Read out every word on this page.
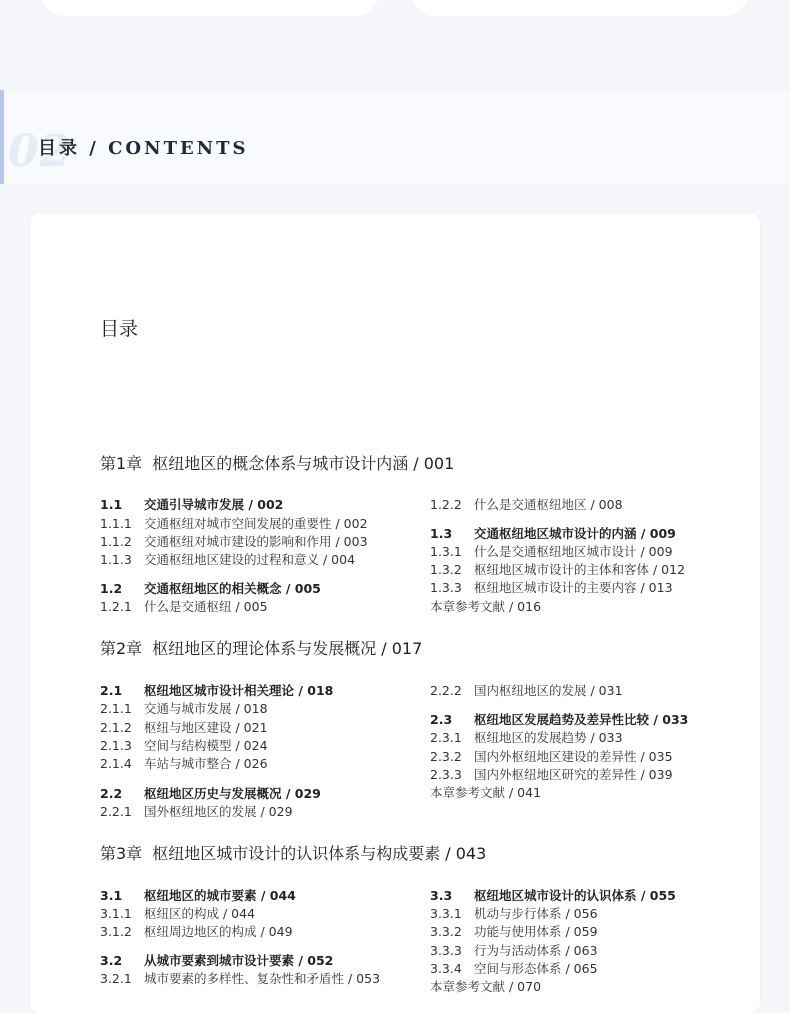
02
目录 / CONTENTS
目录
第1章 枢纽地区的概念体系与城市设计内涵 / 001
第2章 枢纽地区的理论体系与发展概况 / 017
第3章 枢纽地区城市设计的认识体系与构成要素 / 043
1.1 交通引导城市发展 / 002
1.1.1 交通枢纽对城市空间发展的重要性 / 002
1.1.2 交通枢纽对城市建设的影响和作用 / 003
1.1.3 交通枢纽地区建设的过程和意义 / 004
1.2 交通枢纽地区的相关概念 / 005
1.2.1 什么是交通枢纽 / 005
1.2.2 什么是交通枢纽地区 / 008
1.3 交通枢纽地区城市设计的内涵 / 009
1.3.1 什么是交通枢纽地区城市设计 / 009
1.3.2 枢纽地区城市设计的主体和客体 / 012
1.3.3 枢纽地区城市设计的主要内容 / 013
本章参考文献 / 016
2.1 枢纽地区城市设计相关理论 / 018
2.1.1 交通与城市发展 / 018
2.1.2 枢纽与地区建设 / 021
2.1.3 空间与结构模型 / 024
2.1.4 车站与城市整合 / 026
2.2 枢纽地区历史与发展概况 / 029
2.2.1 国外枢纽地区的发展 / 029
2.2.2 国内枢纽地区的发展 / 031
2.3 枢纽地区发展趋势及差异性比较 / 033
2.3.1 枢纽地区的发展趋势 / 033
2.3.2 国内外枢纽地区建设的差异性 / 035
2.3.3 国内外枢纽地区研究的差异性 / 039
本章参考文献 / 041
3.1 枢纽地区的城市要素 / 044
3.1.1 枢纽区的构成 / 044
3.1.2 枢纽周边地区的构成 / 049
3.2 从城市要素到城市设计要素 / 052
3.2.1 城市要素的多样性、复杂性和矛盾性 / 053
3.3 枢纽地区城市设计的认识体系 / 055
3.3.1 机动与步行体系 / 056
3.3.2 功能与使用体系 / 059
3.3.3 行为与活动体系 / 063
3.3.4 空间与形态体系 / 065
本章参考文献 / 070
